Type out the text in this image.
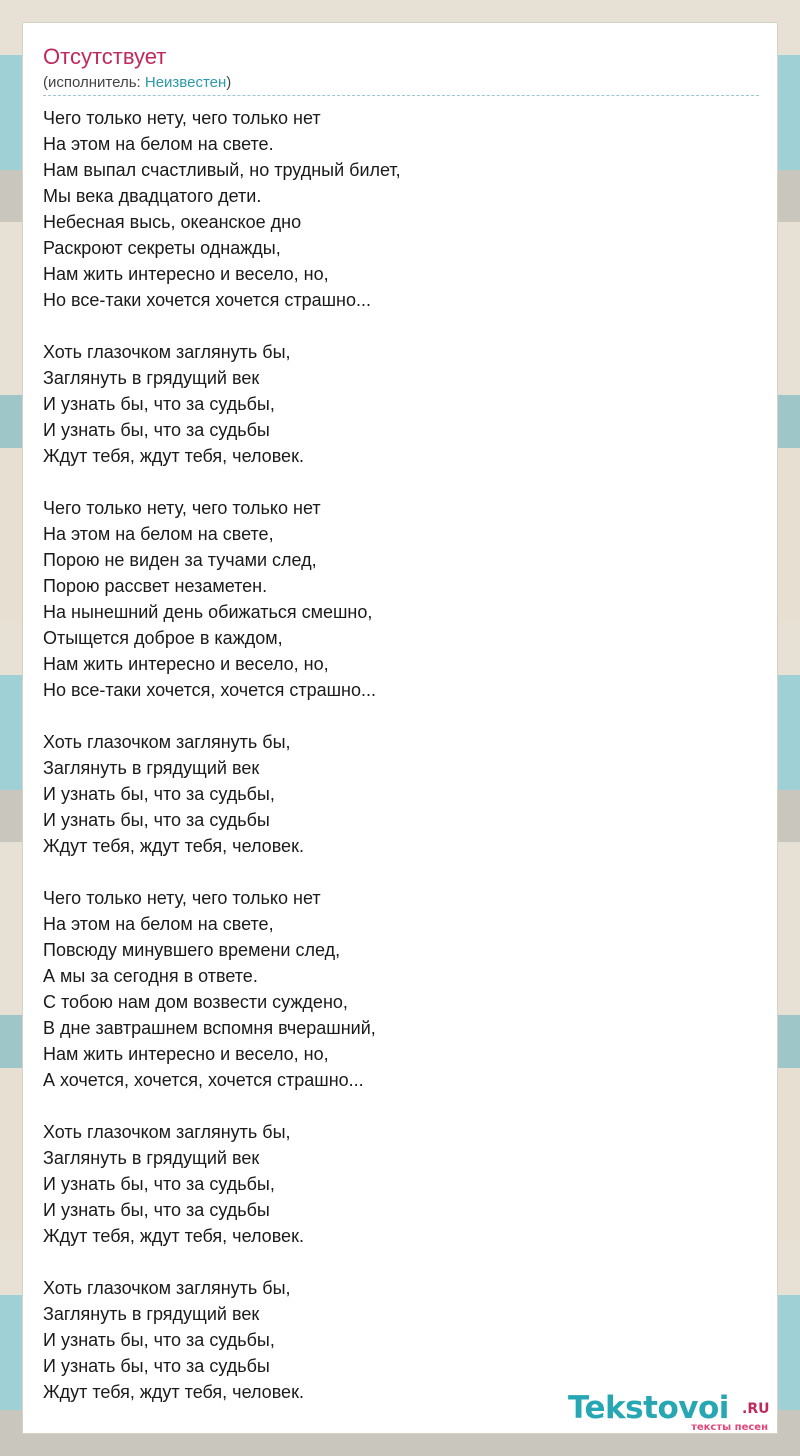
Отсутствует
(исполнитель: Неизвестен)
Чего только нету, чего только нет
На этом на белом на свете.
Нам выпал счастливый, но трудный билет,
Мы века двадцатого дети.
Небесная высь, океанское дно
Раскроют секреты однажды,
Нам жить интересно и весело, но,
Но все-таки хочется хочется страшно...
Хоть глазочком заглянуть бы,
Заглянуть в грядущий век
И узнать бы, что за судьбы,
И узнать бы, что за судьбы
Ждут тебя, ждут тебя, человек.
Чего только нету, чего только нет
На этом на белом на свете,
Порою не виден за тучами след,
Порою рассвет незаметен.
На нынешний день обижаться смешно,
Отыщется доброе в каждом,
Нам жить интересно и весело, но,
Но все-таки хочется, хочется страшно...
Хоть глазочком заглянуть бы,
Заглянуть в грядущий век
И узнать бы, что за судьбы,
И узнать бы, что за судьбы
Ждут тебя, ждут тебя, человек.
Чего только нету, чего только нет
На этом на белом на свете,
Повсюду минувшего времени след,
А мы за сегодня в ответе.
С тобою нам дом возвести суждено,
В дне завтрашнем вспомня вчерашний,
Нам жить интересно и весело, но,
А хочется, хочется, хочется страшно...
Хоть глазочком заглянуть бы,
Заглянуть в грядущий век
И узнать бы, что за судьбы,
И узнать бы, что за судьбы
Ждут тебя, ждут тебя, человек.
Хоть глазочком заглянуть бы,
Заглянуть в грядущий век
И узнать бы, что за судьбы,
И узнать бы, что за судьбы
Ждут тебя, ждут тебя, человек.	Tekstovoi .RU
тексты песен
